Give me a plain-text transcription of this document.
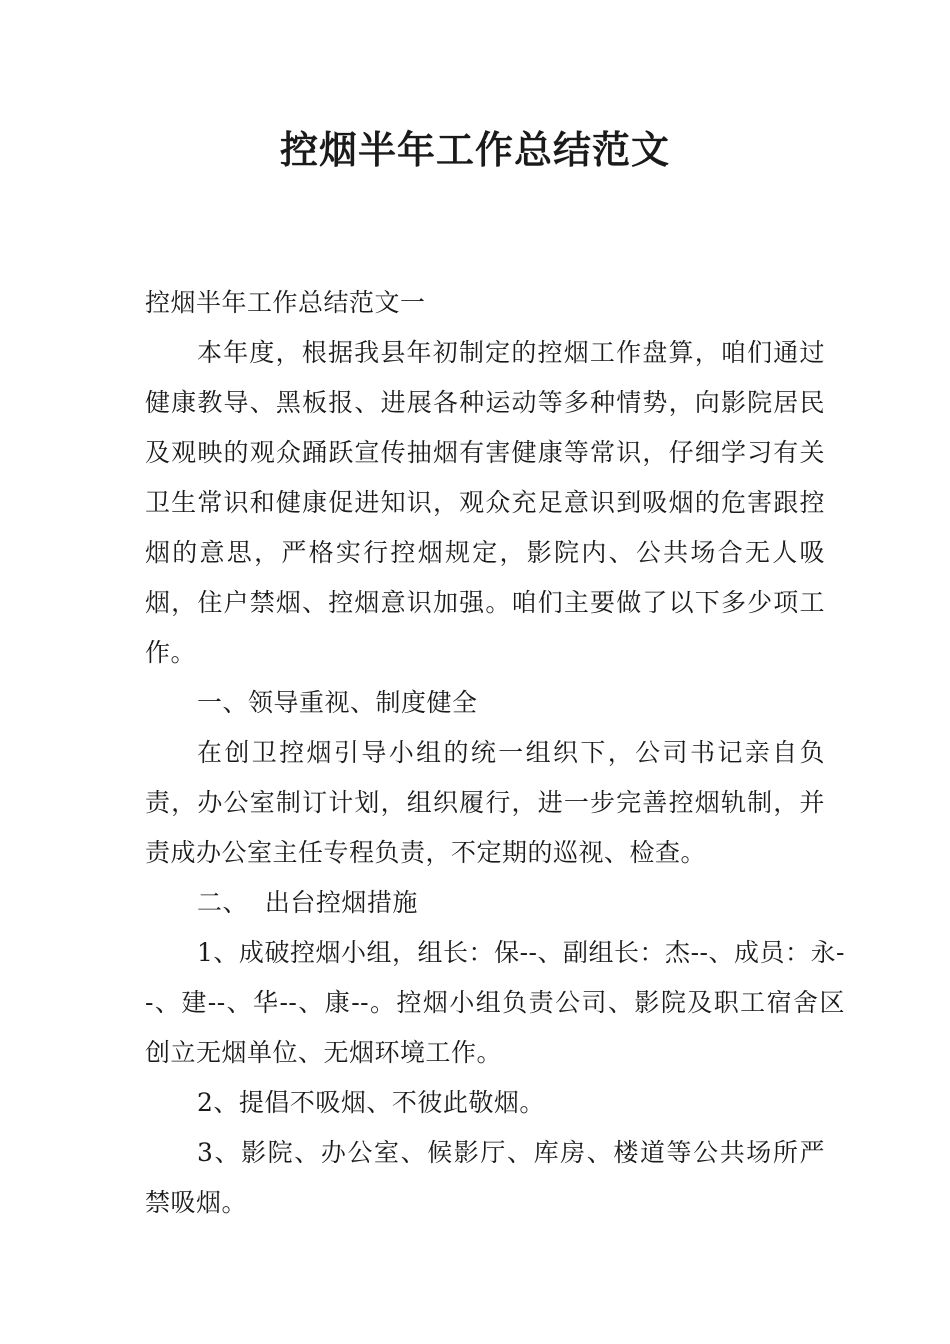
控烟半年工作总结范文

控烟半年工作总结范文一

本年度，根据我县年初制定的控烟工作盘算，咱们通过健康教导、黑板报、进展各种运动等多种情势，向影院居民及观映的观众踊跃宣传抽烟有害健康等常识，仔细学习有关卫生常识和健康促进知识，观众充足意识到吸烟的危害跟控烟的意思，严格实行控烟规定，影院内、公共场合无人吸烟，住户禁烟、控烟意识加强。咱们主要做了以下多少项工作。

一、领导重视、制度健全

在创卫控烟引导小组的统一组织下，公司书记亲自负责，办公室制订计划，组织履行，进一步完善控烟轨制，并责成办公室主任专程负责，不定期的巡视、检查。

二、  出台控烟措施

1、成破控烟小组，组长：保--、副组长：杰--、成员：永--、建--、华--、康--。控烟小组负责公司、影院及职工宿舍区创立无烟单位、无烟环境工作。

2、提倡不吸烟、不彼此敬烟。

3、影院、办公室、候影厅、库房、楼道等公共场所严禁吸烟。
